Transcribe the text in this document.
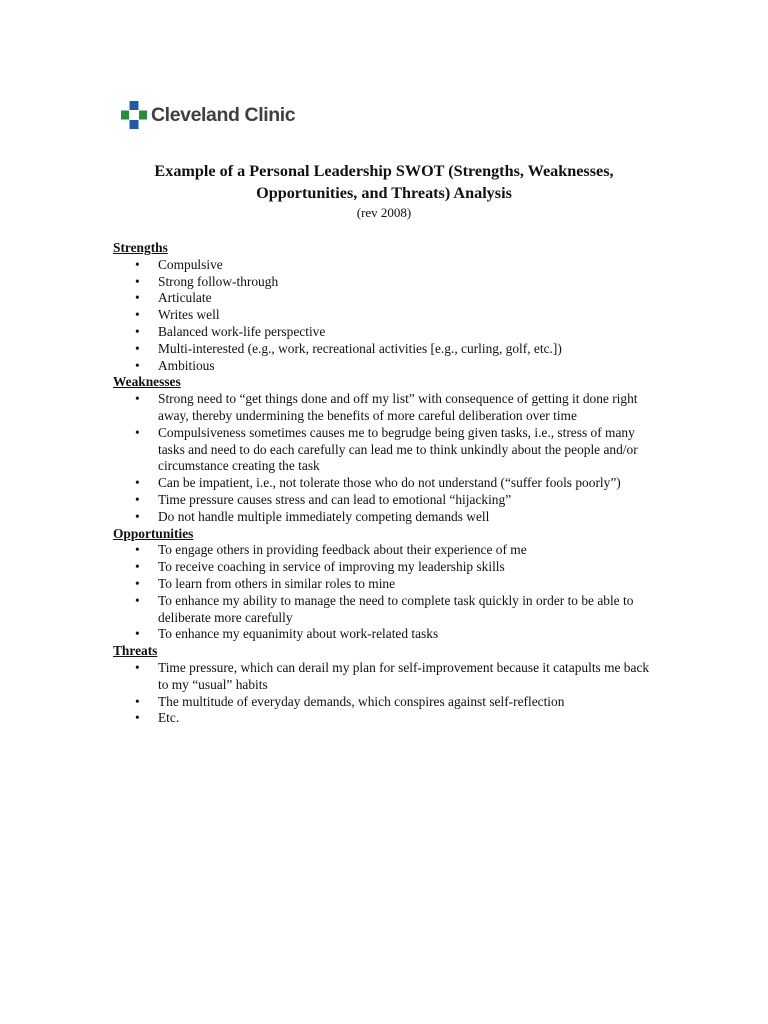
Cleveland Clinic

Example of a Personal Leadership SWOT (Strengths, Weaknesses,

Opportunities, and Threats) Analysis

(rev 2008)

Strengths

• Compulsive
• Strong follow-through
• Articulate
• Writes well
• Balanced work-life perspective
• Multi-interested (e.g., work, recreational activities [e.g., curling, golf, etc.])
• Ambitious

Weaknesses

• Strong need to “get things done and off my list” with consequence of getting it done right away, thereby undermining the benefits of more careful deliberation over time
• Compulsiveness sometimes causes me to begrudge being given tasks, i.e., stress of many tasks and need to do each carefully can lead me to think unkindly about the people and/or circumstance creating the task
• Can be impatient, i.e., not tolerate those who do not understand (“suffer fools poorly”)
• Time pressure causes stress and can lead to emotional “hijacking”
• Do not handle multiple immediately competing demands well

Opportunities

• To engage others in providing feedback about their experience of me
• To receive coaching in service of improving my leadership skills
• To learn from others in similar roles to mine
• To enhance my ability to manage the need to complete task quickly in order to be able to deliberate more carefully
• To enhance my equanimity about work-related tasks

Threats

• Time pressure, which can derail my plan for self-improvement because it catapults me back to my “usual” habits
• The multitude of everyday demands, which conspires against self-reflection
• Etc.
